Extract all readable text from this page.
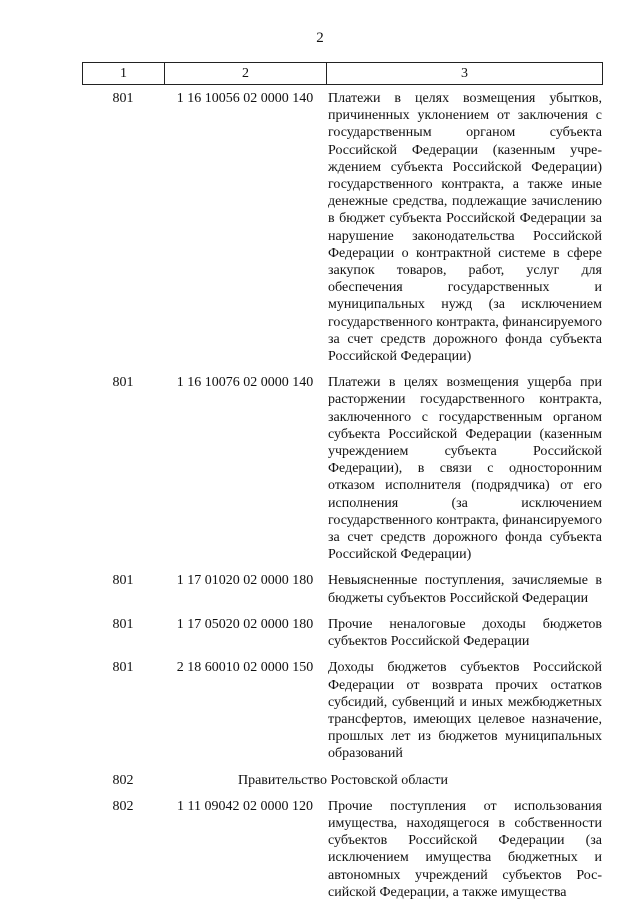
2
1	2	3
801	1 16 10056 02 0000 140	Платежи в целях возмещения убытков, причиненных уклонением от заключения с государственным органом субъекта Российской Федерации (казенным учреждением субъекта Российской Федерации) государственного контракта, а также иные денежные средства, подлежащие зачислению в бюджет субъекта Российской Федерации за нарушение законодательства Российской Федерации о контрактной системе в сфере закупок товаров, работ, услуг для обеспечения государственных и муниципальных нужд (за исключением государственного контракта, финансируемого за счет средств дорожного фонда субъекта Российской Федерации)
801	1 16 10076 02 0000 140	Платежи в целях возмещения ущерба при расторжении государственного контракта, заключенного с государственным органом субъекта Российской Федерации (казенным учреждением субъекта Российской Федерации), в связи с односторонним отказом исполнителя (подрядчика) от его исполнения (за исключением государственного контракта, финансируемого за счет средств дорожного фонда субъекта Российской Федерации)
801	1 17 01020 02 0000 180	Невыясненные поступления, зачисляемые в бюджеты субъектов Российской Федерации
801	1 17 05020 02 0000 180	Прочие неналоговые доходы бюджетов субъектов Российской Федерации
801	2 18 60010 02 0000 150	Доходы бюджетов субъектов Российской Федерации от возврата прочих остатков субсидий, субвенций и иных межбюджетных трансфертов, имеющих целевое назначение, прошлых лет из бюджетов муниципальных образований
802	Правительство Ростовской области
802	1 11 09042 02 0000 120	Прочие поступления от использования имущества, находящегося в собственности субъектов Российской Федерации (за исключением имущества бюджетных и автономных учреждений субъектов Российской Федерации, а также имущества
